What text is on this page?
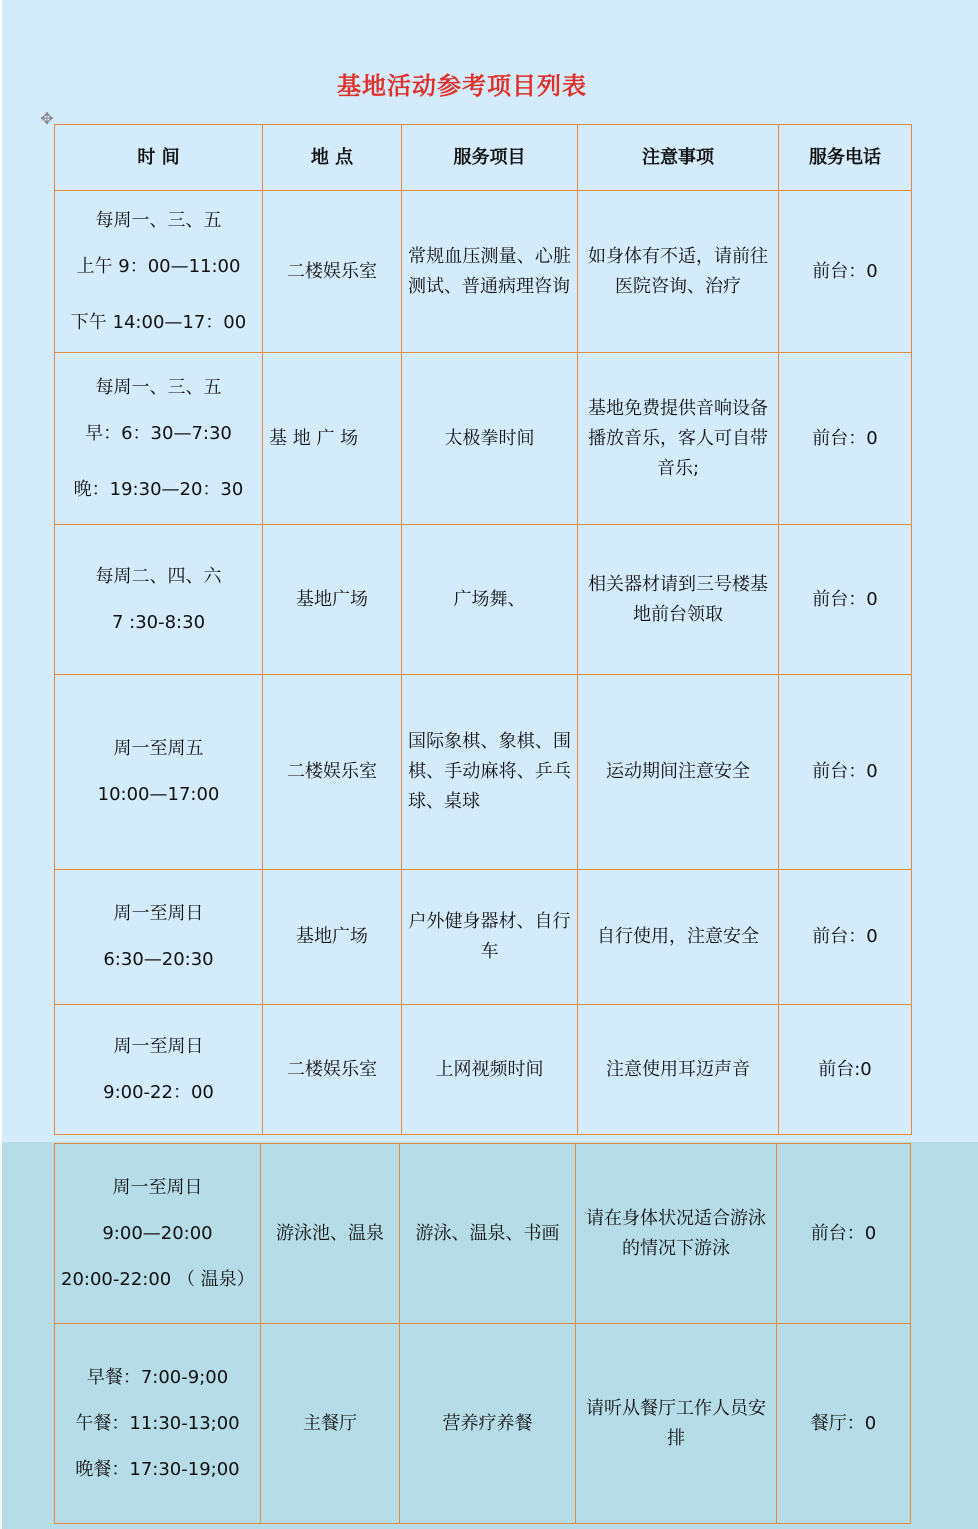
基地活动参考项目列表
✥
时 间	地 点	服务项目	注意事项	服务电话

每周一、三、五
上午 9：00—11:00
下午 14:00—17：00	二楼娱乐室	常规血压测量、心脏测试、普通病理咨询	如身体有不适，请前往医院咨询、治疗	前台：0

每周一、三、五
早：6：30—7:30
晚：19:30—20：30	基 地 广 场	太极拳时间	基地免费提供音响设备播放音乐，客人可自带音乐;	前台：0

每周二、四、六
7 :30-8:30	基地广场	广场舞、	相关器材请到三号楼基地前台领取	前台：0

周一至周五
10:00—17:00	二楼娱乐室	国际象棋、象棋、围棋、手动麻将、乒乓球、桌球	运动期间注意安全	前台：0

周一至周日
6:30—20:30	基地广场	户外健身器材、自行车	自行使用，注意安全	前台：0

周一至周日
9:00-22：00	二楼娱乐室	上网视频时间	注意使用耳迈声音	前台:0
周一至周日
9:00—20:00
20:00-22:00 （ 温泉）	游泳池、温泉	游泳、温泉、书画	请在身体状况适合游泳的情况下游泳	前台：0

早餐：7:00-9;00
午餐：11:30-13;00
晚餐：17:30-19;00	主餐厅	营养疗养餐	请听从餐厅工作人员安排	餐厅：0
